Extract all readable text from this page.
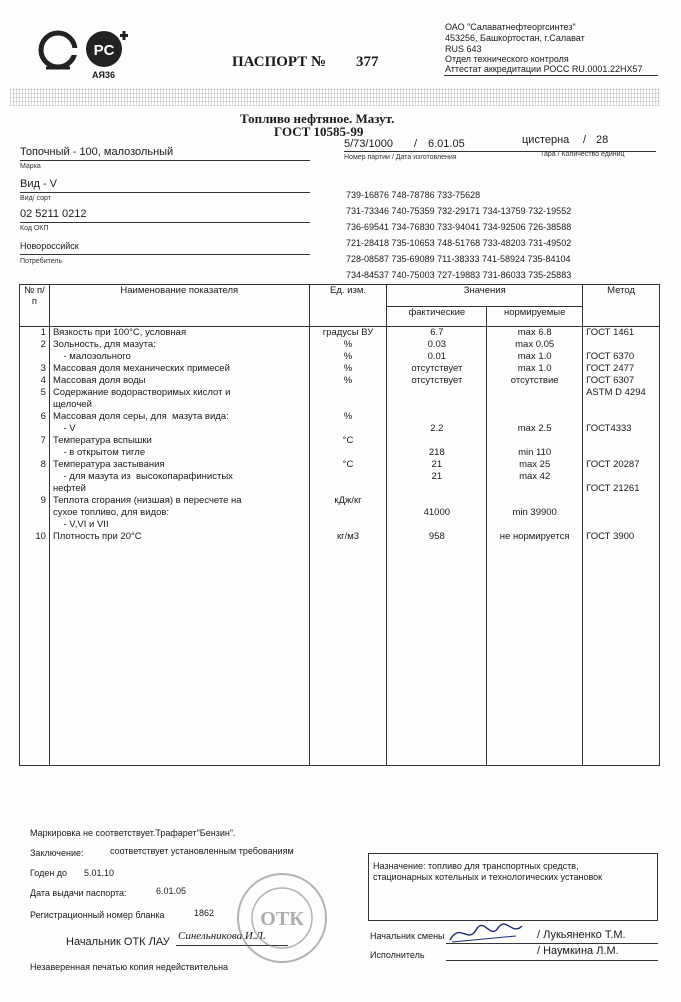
PC
АЯ36
ПАСПОРТ № 377
ОАО "Салаватнефтеоргсинтез"
453256, Башкортостан, г.Салават
RUS 643
Отдел технического контроля
Аттестат аккредитации РОСС RU.0001.22НХ57
Топливо нефтяное. Мазут.
ГОСТ 10585-99
Топочный - 100, малозольный
Марка
5/73/1000 / 6.01.05	цистерна / 28
Номер партии / Дата изготовления	Тара / Количество единиц
Вид - V
Вид/ сорт
02 5211 0212
Код ОКП
Новороссийск
Потребитель
739-16876 748-78786 733-75628
731-73346 740-75359 732-29171 734-13759 732-19552
736-69541 734-76830 733-94041 734-92506 726-38588
721-28418 735-10653 748-51768 733-48203 731-49502
728-08587 735-69089 711-38333 741-58924 735-84104
734-84537 740-75003 727-19883 731-86033 735-25883
№ п/п	Наименование показателя	Ед. изм.	Значения		Метод
			фактические	нормируемые	
1	Вязкость при 100°С, условная	градусы ВУ	6.7	max 6.8	ГОСТ 1461
2	Зольность, для мазута:	%	0.03	max 0.05	
	- малозольного	%	0.01	max 1.0	ГОСТ 6370
3	Массовая доля механических примесей	%	отсутствует	max 1.0	ГОСТ 2477
4	Массовая доля воды	%	отсутствует	отсутствие	ГОСТ 6307
5	Содержание водорастворимых кислот и				ASTM D 4294
	щелочей				
6	Массовая доля серы, для  мазута вида:	%			
	- V		2.2	max 2.5	ГОСТ4333
7	Температура вспышки	°C			
	- в открытом тигле		218	min 110	
8	Температура застывания	°C	21	max 25	ГОСТ 20287
	- для мазута из  высокопарафинистых		21	max 42	
	нефтей				ГОСТ 21261
9	Теплота сгорания (низшая) в пересчете на	кДж/кг			
	сухое топливо, для видов:		41000	min 39900	
	- V,VI и VII				
10	Плотность при 20°С	кг/м3	958	не нормируется	ГОСТ 3900

Маркировка не соответствует.Трафарет"Бензин".
Заключение:	соответствует установленным требованиям
Годен до 5.01.10
Дата выдачи паспорта:	6.01.05
Регистрационный номер бланка	1862
Назначение: топливо для транспортных средств,
стационарных котельных и технологических установок
Начальник ОТК ЛАУ Синельникова И.Л.	Начальник смены	/ Лукьяненко Т.М.
Исполнитель	/ Наумкина Л.М.
Незаверенная печатью копия недействительна
ОТК
